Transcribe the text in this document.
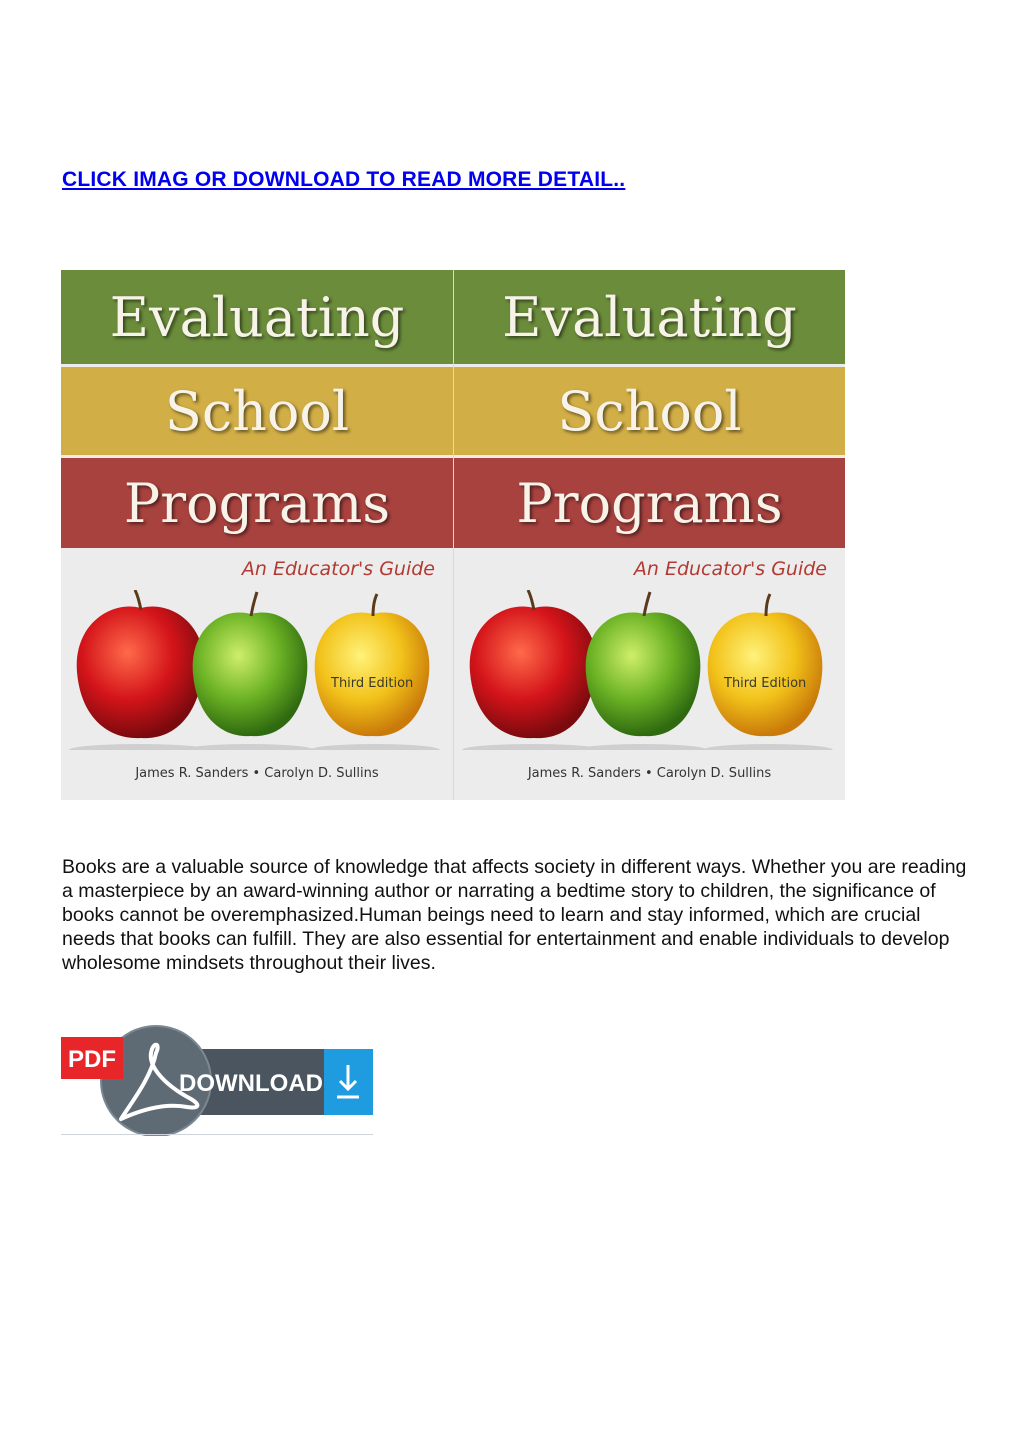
CLICK IMAG OR DOWNLOAD TO READ MORE DETAIL..
Evaluating
School
Programs
An Educator's Guide
Third Edition
James R. Sanders • Carolyn D. Sullins
Evaluating
School
Programs
An Educator's Guide
Third Edition
James R. Sanders • Carolyn D. Sullins

Books are a valuable source of knowledge that affects society in different ways. Whether you are reading a masterpiece by an award-winning author or narrating a bedtime story to children, the significance of books cannot be overemphasized.Human beings need to learn and stay informed, which are crucial needs that books can fulfill. They are also essential for entertainment and enable individuals to develop wholesome mindsets throughout their lives.

PDF
DOWNLOAD
